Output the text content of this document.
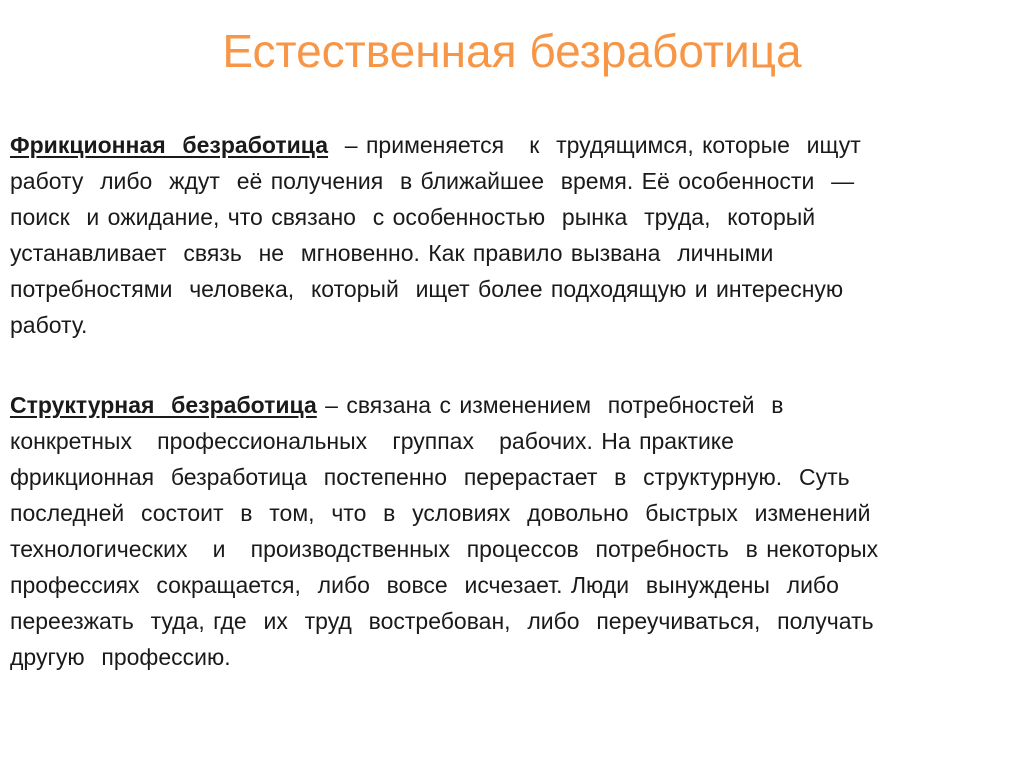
Естественная безработица
Фрикционная  безработица  – применяется   к  трудящимся, которые  ищут
работу  либо  ждут  её получения  в ближайшее  время. Её особенности  —
поиск  и ожидание, что связано  с особенностью  рынка  труда,  который
устанавливает  связь  не  мгновенно. Как правило вызвана  личными
потребностями  человека,  который  ищет более подходящую и интересную
работу.
Структурная  безработица – связана с изменением  потребностей  в
конкретных   профессиональных   группах   рабочих. На практике
фрикционная  безработица  постепенно  перерастает  в  структурную.  Суть
последней  состоит  в  том,  что  в  условиях  довольно  быстрых  изменений
технологических   и   производственных  процессов  потребность  в некоторых
профессиях  сокращается,  либо  вовсе  исчезает. Люди  вынуждены  либо
переезжать  туда, где  их  труд  востребован,  либо  переучиваться,  получать
другую  профессию.
